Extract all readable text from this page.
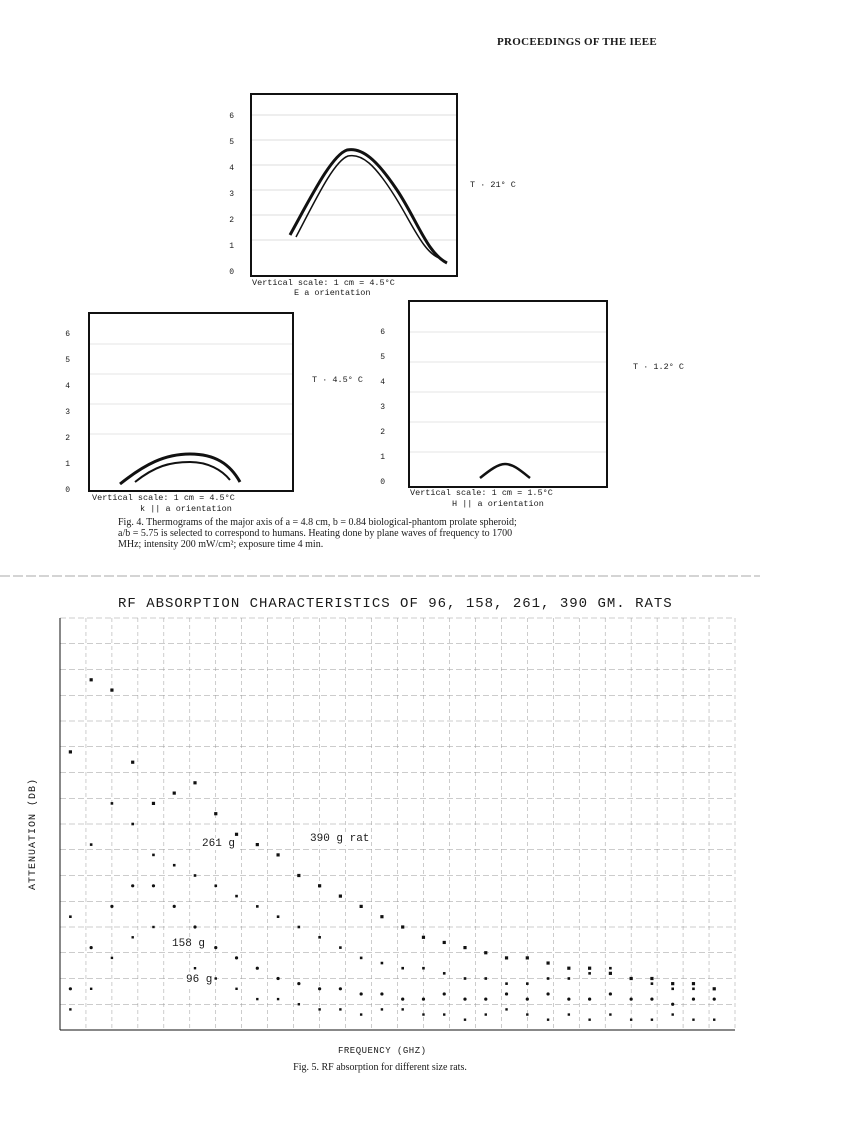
PROCEEDINGS OF THE IEEE
6
5
4
3
2
1
0
T · 21° C
Vertical scale: 1 cm = 4.5°C
E a orientation
6
5
4
3
2
1
0
T · 4.5° C
Vertical scale: 1 cm = 4.5°C
k || a orientation
6
5
4
3
2
1
0
T · 1.2° C
Vertical scale: 1 cm = 1.5°C
H || a orientation
Fig. 4. Thermograms of the major axis of a = 4.8 cm, b = 0.84 biological-phantom prolate spheroid;
a/b = 5.75 is selected to correspond to humans. Heating done by plane waves of frequency to 1700
MHz; intensity 200 mW/cm²; exposure time 4 min.
RF ABSORPTION CHARACTERISTICS OF 96, 158, 261, 390 GM. RATS
ATTENUATION (DB)
FREQUENCY (GHZ)
261 g	390 g rat
158 g
96 g
Fig. 5. RF absorption for different size rats.
